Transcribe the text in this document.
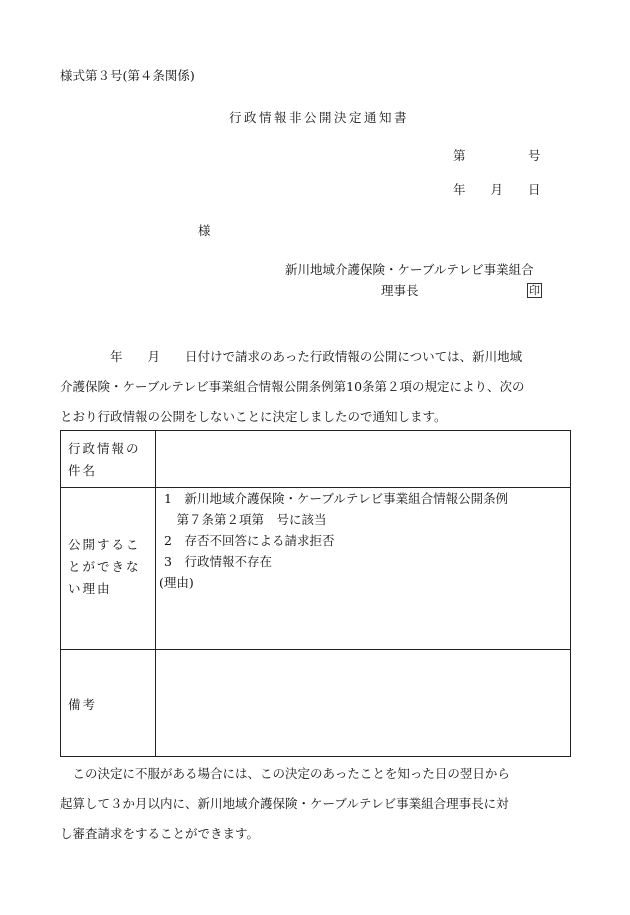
様式第３号(第４条関係)
行政情報非公開決定通知書
第　　　　　号
年　　月　　日
様
新川地域介護保険・ケーブルテレビ事業組合
理事長	印

　　　　年　　月　　日付けで請求のあった行政情報の公開については、新川地域

介護保険・ケーブルテレビ事業組合情報公開条例第10条第２項の規定により、次の

とおり行政情報の公開をしないことに決定しましたので通知します。

行政情報の件名
公開することができない理由

1　新川地域介護保険・ケーブルテレビ事業組合情報公開条例

　第７条第２項第　号に該当

2　存否不回答による請求拒否

3　行政情報不存在

(理由)

備考

　この決定に不服がある場合には、この決定のあったことを知った日の翌日から

起算して３か月以内に、新川地域介護保険・ケーブルテレビ事業組合理事長に対

し審査請求をすることができます。
